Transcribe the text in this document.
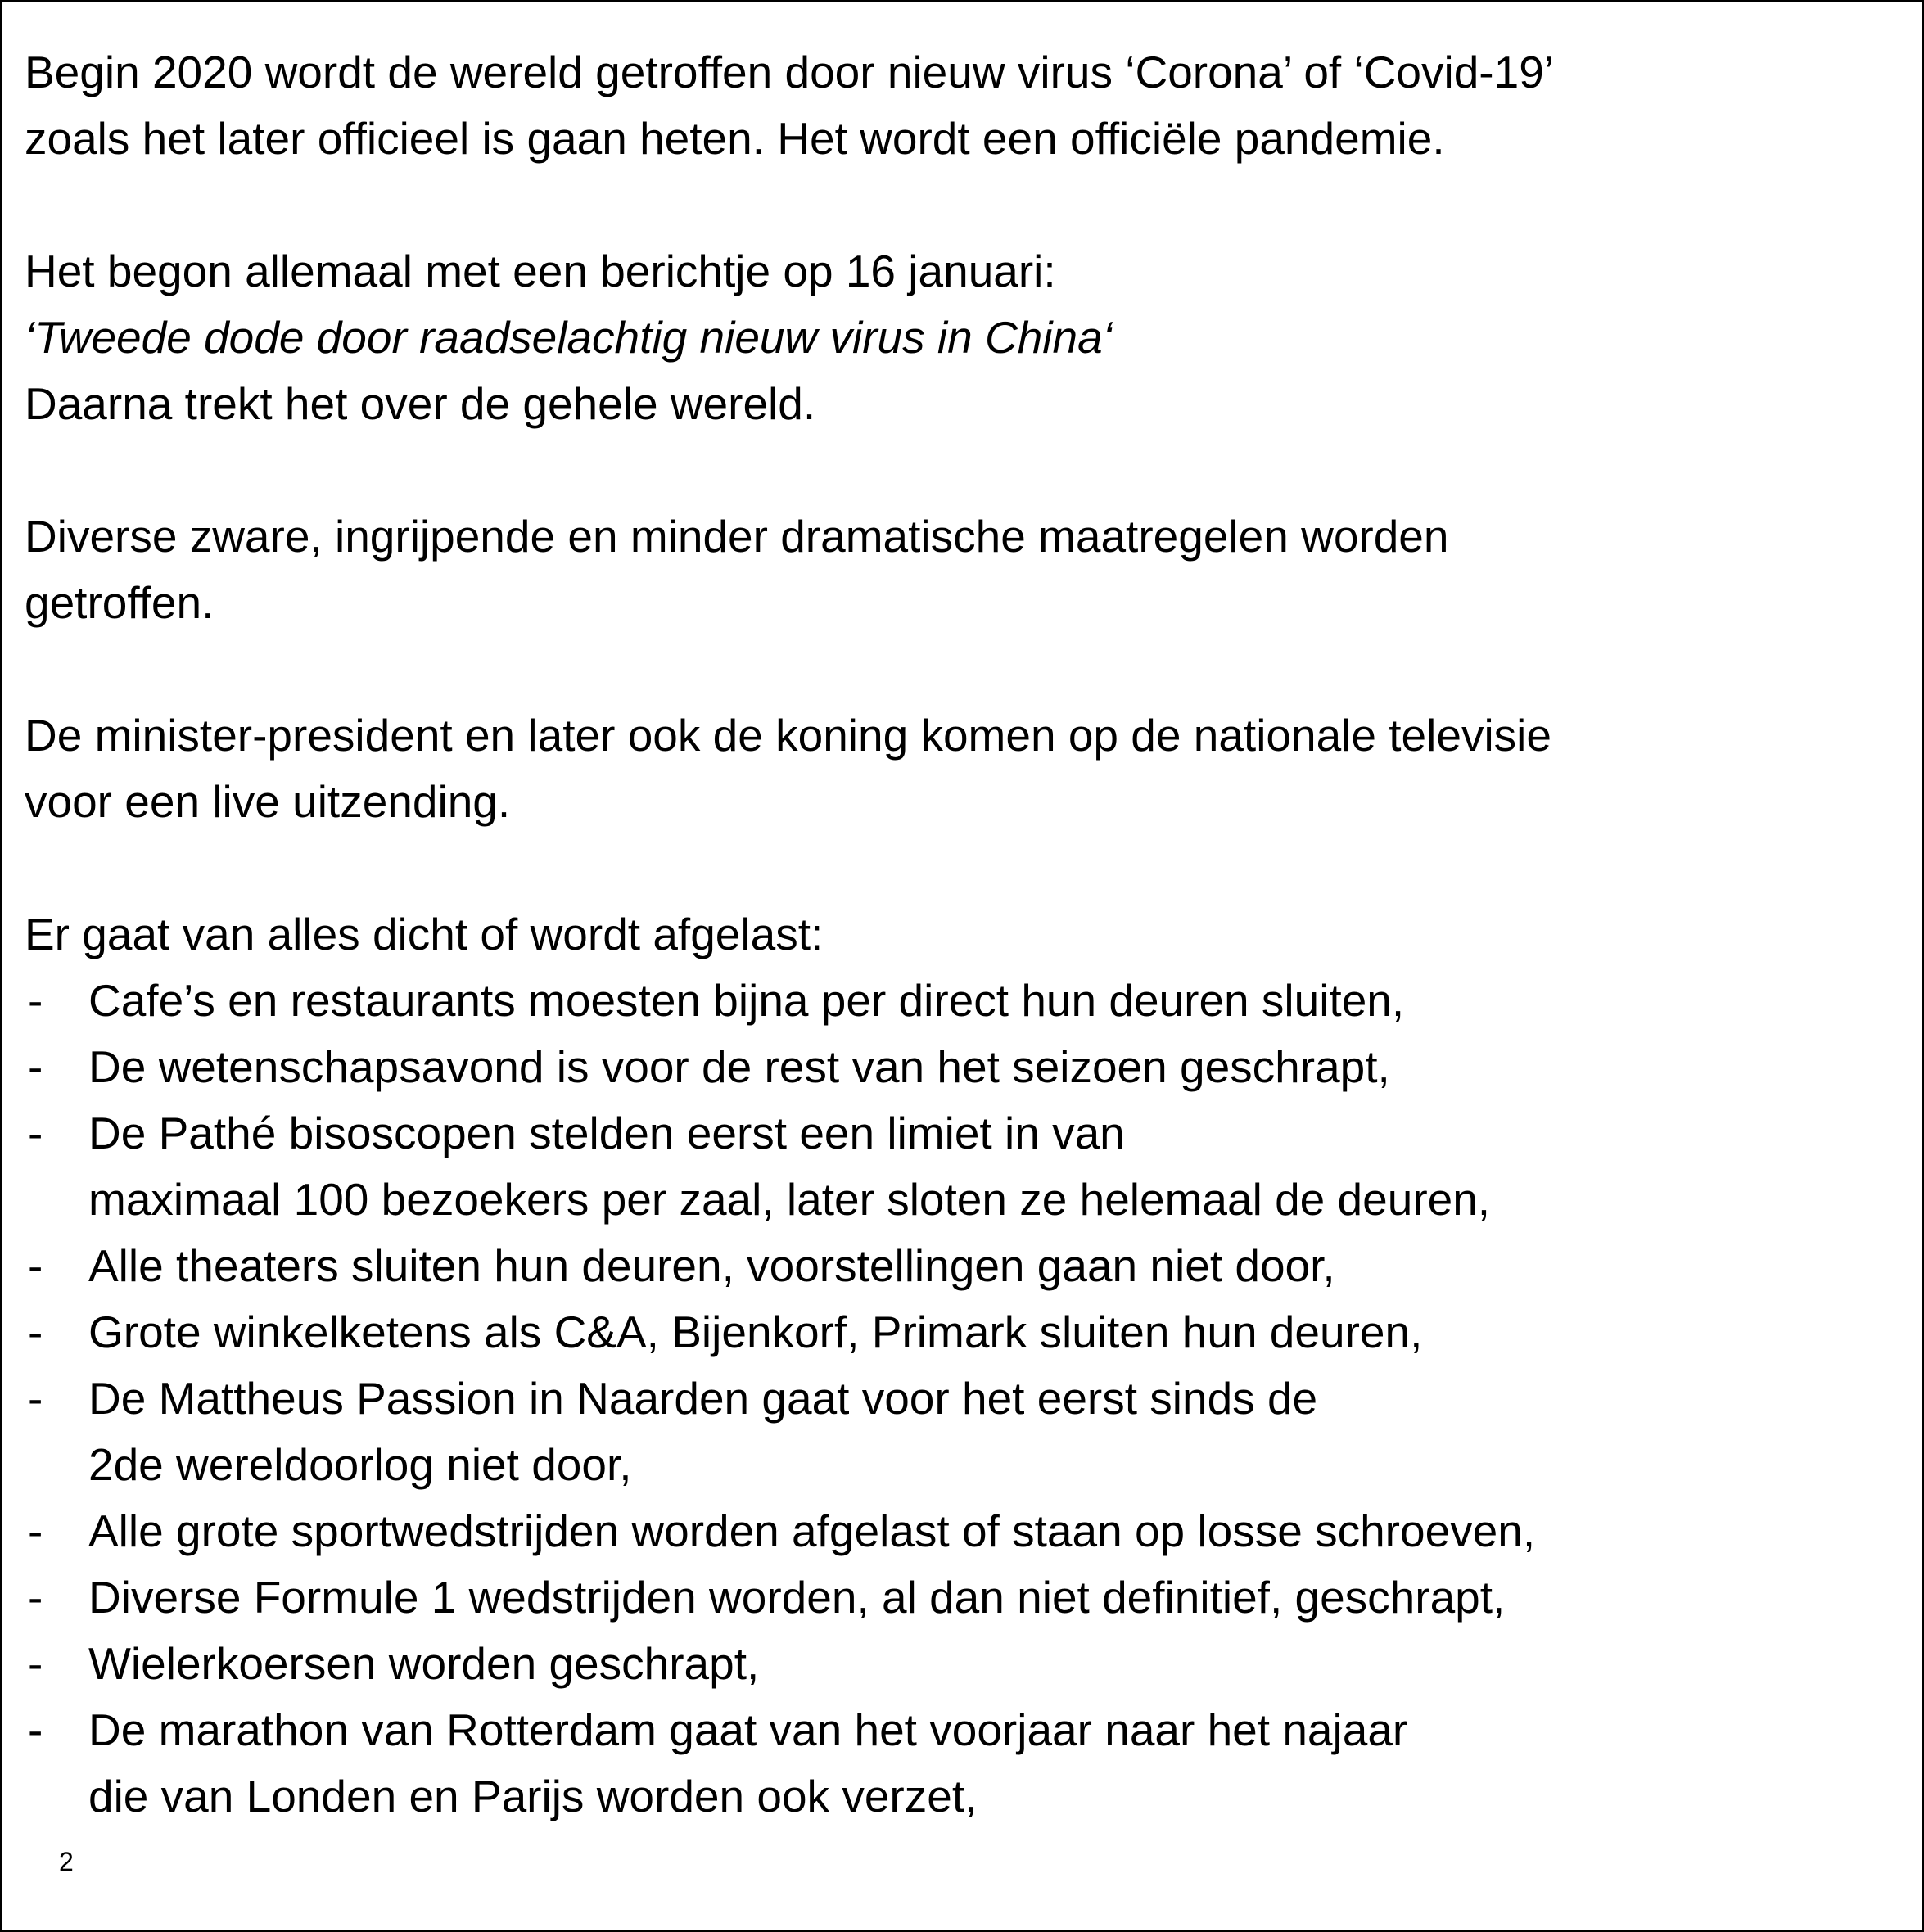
Begin 2020 wordt de wereld getroffen door nieuw virus ‘Corona’ of ‘Covid-19’
zoals het later officieel is gaan heten. Het wordt een officiële pandemie.

Het begon allemaal met een berichtje op 16 januari:
‘Tweede dode door raadselachtig nieuw virus in China‘
Daarna trekt het over de gehele wereld.

Diverse zware, ingrijpende en minder dramatische maatregelen worden
getroffen.

De minister-president en later ook de koning komen op de nationale televisie
voor een live uitzending.

Er gaat van alles dicht of wordt afgelast:

- Cafe’s en restaurants moesten bijna per direct hun deuren sluiten,
- De wetenschapsavond is voor de rest van het seizoen geschrapt,
- De Pathé bisoscopen stelden eerst een limiet in van
maximaal 100 bezoekers per zaal, later sloten ze helemaal de deuren,
- Alle theaters sluiten hun deuren, voorstellingen gaan niet door,
- Grote winkelketens als C&A, Bijenkorf, Primark sluiten hun deuren,
- De Mattheus Passion in Naarden gaat voor het eerst sinds de
2de wereldoorlog niet door,
- Alle grote sportwedstrijden worden afgelast of staan op losse schroeven,
- Diverse Formule 1 wedstrijden worden, al dan niet definitief, geschrapt,
- Wielerkoersen worden geschrapt,
- De marathon van Rotterdam gaat van het voorjaar naar het najaar
die van Londen en Parijs worden ook verzet,
2
